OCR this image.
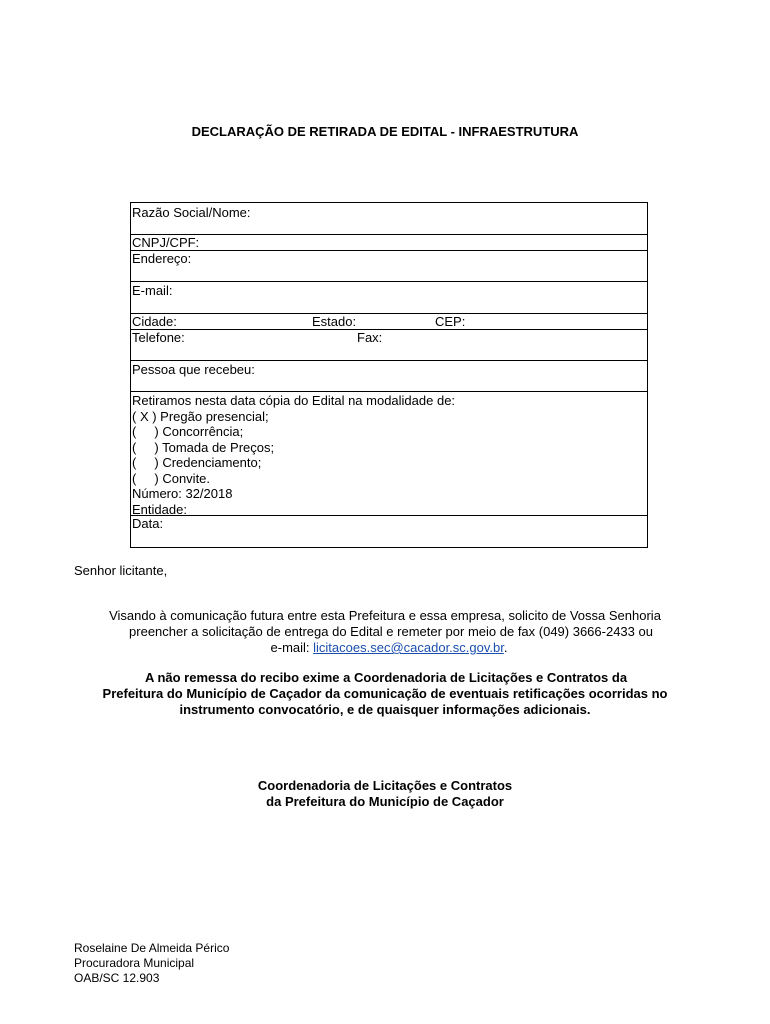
DECLARAÇÃO DE RETIRADA DE EDITAL - INFRAESTRUTURA
Razão Social/Nome:
CNPJ/CPF:
Endereço:
E-mail:
Cidade:	Estado:	CEP:
Telefone:	Fax:
Pessoa que recebeu:
Retiramos nesta data cópia do Edital na modalidade de:
( X ) Pregão presencial;
(     ) Concorrência;
(     ) Tomada de Preços;
(     ) Credenciamento;
(     ) Convite.
Número: 32/2018
Entidade:
Data:
Senhor licitante,
Visando à comunicação futura entre esta Prefeitura e essa empresa, solicito de Vossa Senhoria
preencher a solicitação de entrega do Edital e remeter por meio de fax (049) 3666-2433 ou
e-mail: licitacoes.sec@cacador.sc.gov.br.
A não remessa do recibo exime a Coordenadoria de Licitações e Contratos da
Prefeitura do Município de Caçador da comunicação de eventuais retificações ocorridas no
instrumento convocatório, e de quaisquer informações adicionais.
Coordenadoria de Licitações e Contratos
da Prefeitura do Município de Caçador
Roselaine De Almeida Périco
Procuradora Municipal
OAB/SC 12.903
